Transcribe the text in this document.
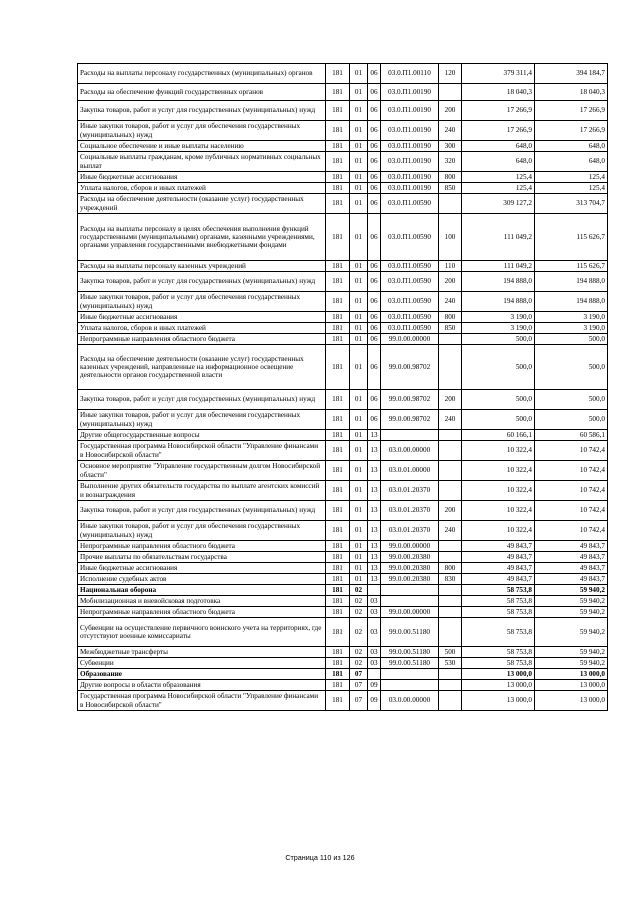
Расходы на выплаты персоналу государственных (муниципальных) органов	181	01	06	03.0.П1.00110	120	379 311,4	394 184,7
Расходы на обеспечение функций государственных органов	181	01	06	03.0.П1.00190		18 040,3	18 040,3
Закупка товаров, работ и услуг для государственных (муниципальных) нужд	181	01	06	03.0.П1.00190	200	17 266,9	17 266,9
Иные закупки товаров, работ и услуг для обеспечения государственных (муниципальных) нужд	181	01	06	03.0.П1.00190	240	17 266,9	17 266,9
Социальное обеспечение и иные выплаты населению	181	01	06	03.0.П1.00190	300	648,0	648,0
Социальные выплаты гражданам, кроме публичных нормативных социальных выплат	181	01	06	03.0.П1.00190	320	648,0	648,0
Иные бюджетные ассигнования	181	01	06	03.0.П1.00190	800	125,4	125,4
Уплата налогов, сборов и иных платежей	181	01	06	03.0.П1.00190	850	125,4	125,4
Расходы на обеспечение деятельности (оказание услуг) государственных учреждений	181	01	06	03.0.П1.00590		309 127,2	313 704,7
Расходы на выплаты персоналу в целях обеспечения выполнения функций государственными (муниципальными) органами, казенными учреждениями, органами управления государственными внебюджетными фондами	181	01	06	03.0.П1.00590	100	111 049,2	115 626,7
Расходы на выплаты персоналу казенных учреждений	181	01	06	03.0.П1.00590	110	111 049,2	115 626,7
Закупка товаров, работ и услуг для государственных (муниципальных) нужд	181	01	06	03.0.П1.00590	200	194 888,0	194 888,0
Иные закупки товаров, работ и услуг для обеспечения государственных (муниципальных) нужд	181	01	06	03.0.П1.00590	240	194 888,0	194 888,0
Иные бюджетные ассигнования	181	01	06	03.0.П1.00590	800	3 190,0	3 190,0
Уплата налогов, сборов и иных платежей	181	01	06	03.0.П1.00590	850	3 190,0	3 190,0
Непрограммные направления областного бюджета	181	01	06	99.0.00.00000		500,0	500,0
Расходы на обеспечение деятельности (оказание услуг) государственных казенных учреждений, направленные на информационное освещение деятельности органов государственной власти	181	01	06	99.0.00.98702		500,0	500,0
Закупка товаров, работ и услуг для государственных (муниципальных) нужд	181	01	06	99.0.00.98702	200	500,0	500,0
Иные закупки товаров, работ и услуг для обеспечения государственных (муниципальных) нужд	181	01	06	99.0.00.98702	240	500,0	500,0
Другие общегосударственные вопросы	181	01	13			60 166,1	60 586,1
Государственная программа Новосибирской области "Управление финансами в Новосибирской области"	181	01	13	03.0.00.00000		10 322,4	10 742,4
Основное мероприятие "Управление государственным долгом Новосибирской области"	181	01	13	03.0.01.00000		10 322,4	10 742,4
Выполнение других обязательств государства по выплате агентских комиссий и вознаграждения	181	01	13	03.0.01.20370		10 322,4	10 742,4
Закупка товаров, работ и услуг для государственных (муниципальных) нужд	181	01	13	03.0.01.20370	200	10 322,4	10 742,4
Иные закупки товаров, работ и услуг для обеспечения государственных (муниципальных) нужд	181	01	13	03.0.01.20370	240	10 322,4	10 742,4
Непрограммные направления областного бюджета	181	01	13	99.0.00.00000		49 843,7	49 843,7
Прочие выплаты по обязательствам государства	181	01	13	99.0.00.20380		49 843,7	49 843,7
Иные бюджетные ассигнования	181	01	13	99.0.00.20380	800	49 843,7	49 843,7
Исполнение судебных актов	181	01	13	99.0.00.20380	830	49 843,7	49 843,7
Национальная оборона	181	02				58 753,8	59 940,2
Мобилизационная и вневойсковая подготовка	181	02	03			58 753,8	59 940,2
Непрограммные направления областного бюджета	181	02	03	99.0.00.00000		58 753,8	59 940,2
Субвенции на осуществление первичного воинского учета на территориях, где отсутствуют военные комиссариаты	181	02	03	99.0.00.51180		58 753,8	59 940,2
Межбюджетные трансферты	181	02	03	99.0.00.51180	500	58 753,8	59 940,2
Субвенции	181	02	03	99.0.00.51180	530	58 753,8	59 940,2
Образование	181	07				13 000,0	13 000,0
Другие вопросы в области образования	181	07	09			13 000,0	13 000,0
Государственная программа Новосибирской области "Управление финансами в Новосибирской области"	181	07	09	03.0.00.00000		13 000,0	13 000,0
Страница 110 из 126
